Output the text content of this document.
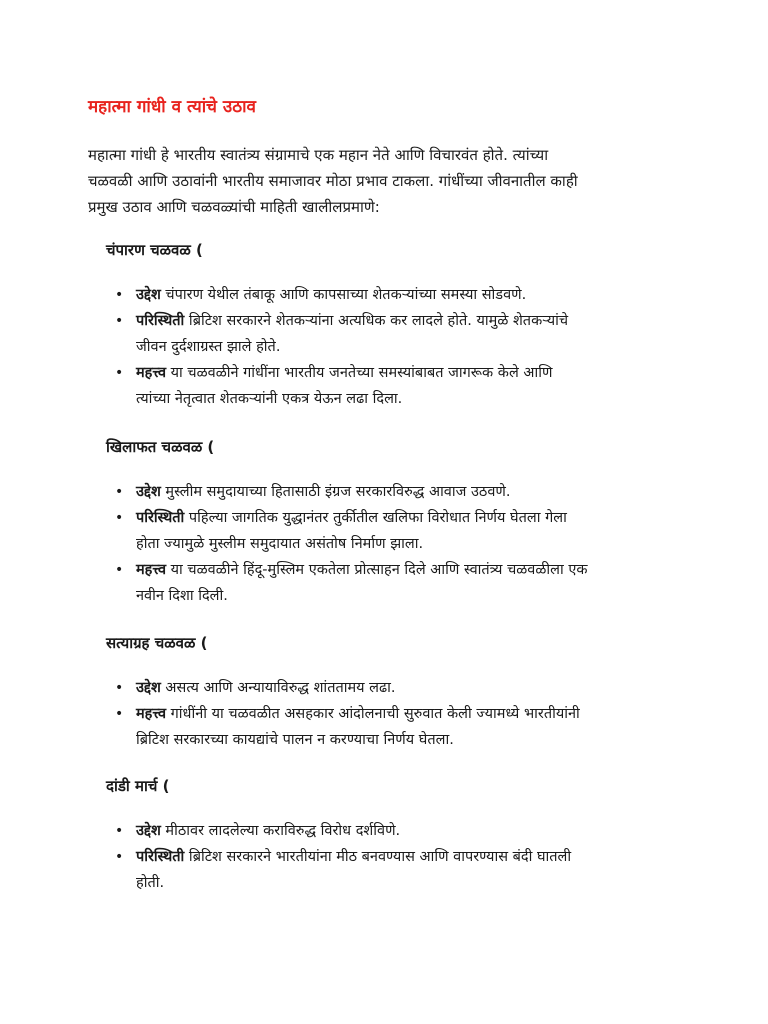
महात्मा गांधी व त्यांचे उठाव
महात्मा गांधी हे भारतीय स्वातंत्र्य संग्रामाचे एक महान नेते आणि विचारवंत होते. त्यांच्या
चळवळी आणि उठावांनी भारतीय समाजावर मोठा प्रभाव टाकला. गांधींच्या जीवनातील काही
प्रमुख उठाव आणि चळवळ्यांची माहिती खालीलप्रमाणे:
चंपारण चळवळ (
• उद्देश चंपारण येथील तंबाकू आणि कापसाच्या शेतकऱ्यांच्या समस्या सोडवणे.
• परिस्थिती ब्रिटिश सरकारने शेतकऱ्यांना अत्यधिक कर लादले होते. यामुळे शेतकऱ्यांचे
जीवन दुर्दशाग्रस्त झाले होते.
• महत्त्व या चळवळीने गांधींना भारतीय जनतेच्या समस्यांबाबत जागरूक केले आणि
त्यांच्या नेतृत्वात शेतकऱ्यांनी एकत्र येऊन लढा दिला.
खिलाफत चळवळ (
• उद्देश मुस्लीम समुदायाच्या हितासाठी इंग्रज सरकारविरुद्ध आवाज उठवणे.
• परिस्थिती पहिल्या जागतिक युद्धानंतर तुर्कीतील खलिफा विरोधात निर्णय घेतला गेला
होता ज्यामुळे मुस्लीम समुदायात असंतोष निर्माण झाला.
• महत्त्व या चळवळीने हिंदू-मुस्लिम एकतेला प्रोत्साहन दिले आणि स्वातंत्र्य चळवळीला एक
नवीन दिशा दिली.
सत्याग्रह चळवळ (
• उद्देश असत्य आणि अन्यायाविरुद्ध शांततामय लढा.
• महत्त्व गांधींनी या चळवळीत असहकार आंदोलनाची सुरुवात केली ज्यामध्ये भारतीयांनी
ब्रिटिश सरकारच्या कायद्यांचे पालन न करण्याचा निर्णय घेतला.
दांडी मार्च (
• उद्देश मीठावर लादलेल्या कराविरुद्ध विरोध दर्शविणे.
• परिस्थिती ब्रिटिश सरकारने भारतीयांना मीठ बनवण्यास आणि वापरण्यास बंदी घातली
होती.
